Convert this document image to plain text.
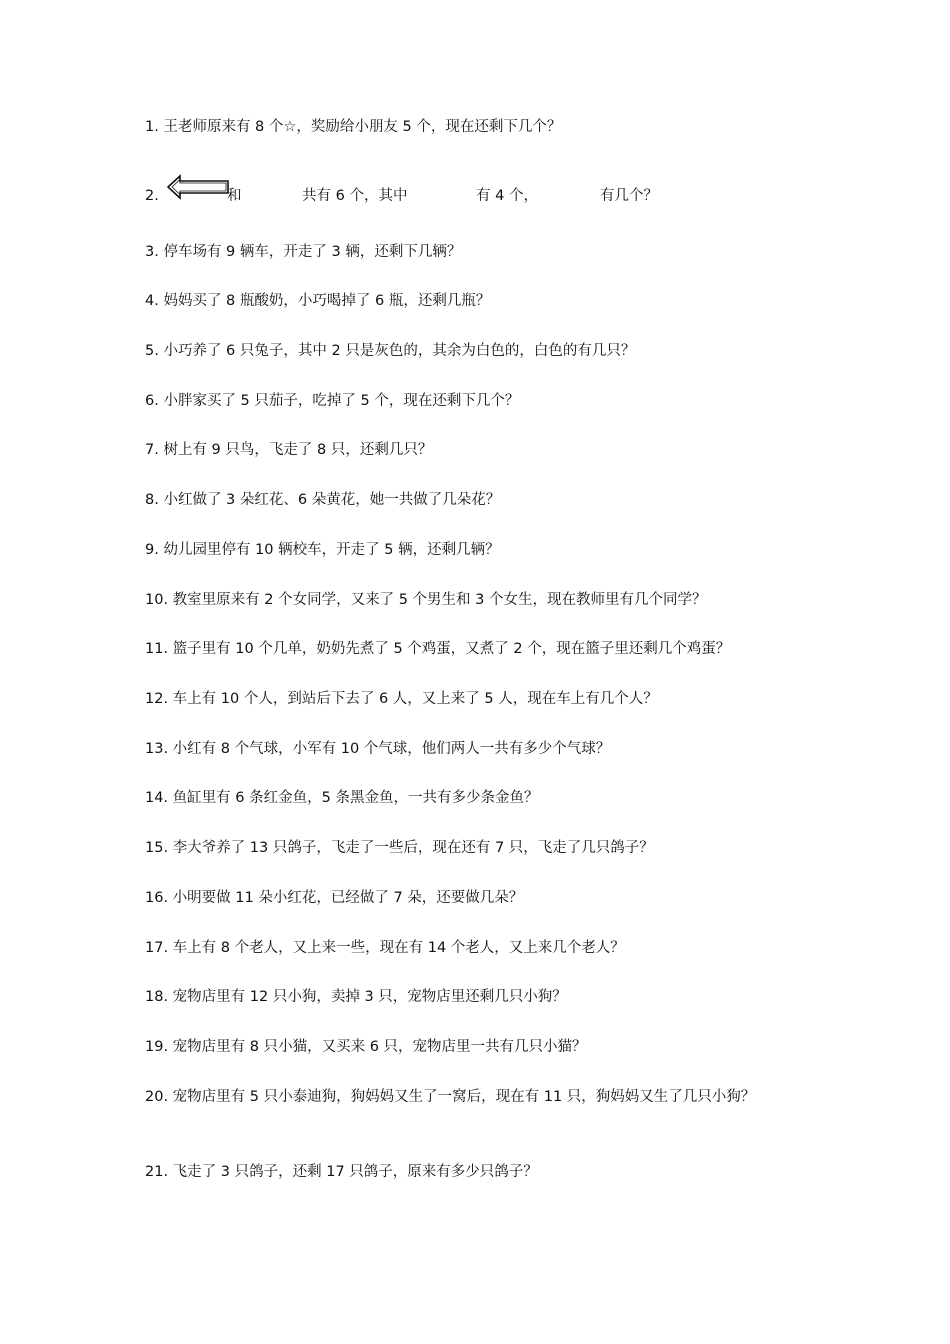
1. 王老师原来有 8 个☆，奖励给小朋友 5 个，现在还剩下几个？
2.	和	共有 6 个，其中	有 4 个，	有几个？
3. 停车场有 9 辆车，开走了 3 辆，还剩下几辆？
4. 妈妈买了 8 瓶酸奶，小巧喝掉了 6 瓶，还剩几瓶？
5. 小巧养了 6 只兔子，其中 2 只是灰色的，其余为白色的，白色的有几只？
6. 小胖家买了 5 只茄子，吃掉了 5 个，现在还剩下几个？
7. 树上有 9 只鸟，飞走了 8 只，还剩几只？
8. 小红做了 3 朵红花、6 朵黄花，她一共做了几朵花？
9. 幼儿园里停有 10 辆校车，开走了 5 辆，还剩几辆？
10. 教室里原来有 2 个女同学，又来了 5 个男生和 3 个女生，现在教师里有几个同学？
11. 篮子里有 10 个几单，奶奶先煮了 5 个鸡蛋，又煮了 2 个，现在篮子里还剩几个鸡蛋？
12. 车上有 10 个人，到站后下去了 6 人，又上来了 5 人，现在车上有几个人？
13. 小红有 8 个气球，小军有 10 个气球，他们两人一共有多少个气球？
14. 鱼缸里有 6 条红金鱼，5 条黑金鱼，一共有多少条金鱼？
15. 李大爷养了 13 只鸽子，飞走了一些后，现在还有 7 只，飞走了几只鸽子？
16. 小明要做 11 朵小红花，已经做了 7 朵，还要做几朵？
17. 车上有 8 个老人，又上来一些，现在有 14 个老人，又上来几个老人？
18. 宠物店里有 12 只小狗，卖掉 3 只，宠物店里还剩几只小狗？
19. 宠物店里有 8 只小猫，又买来 6 只，宠物店里一共有几只小猫？
20. 宠物店里有 5 只小泰迪狗，狗妈妈又生了一窝后，现在有 11 只，狗妈妈又生了几只小狗？
21. 飞走了 3 只鸽子，还剩 17 只鸽子，原来有多少只鸽子？
